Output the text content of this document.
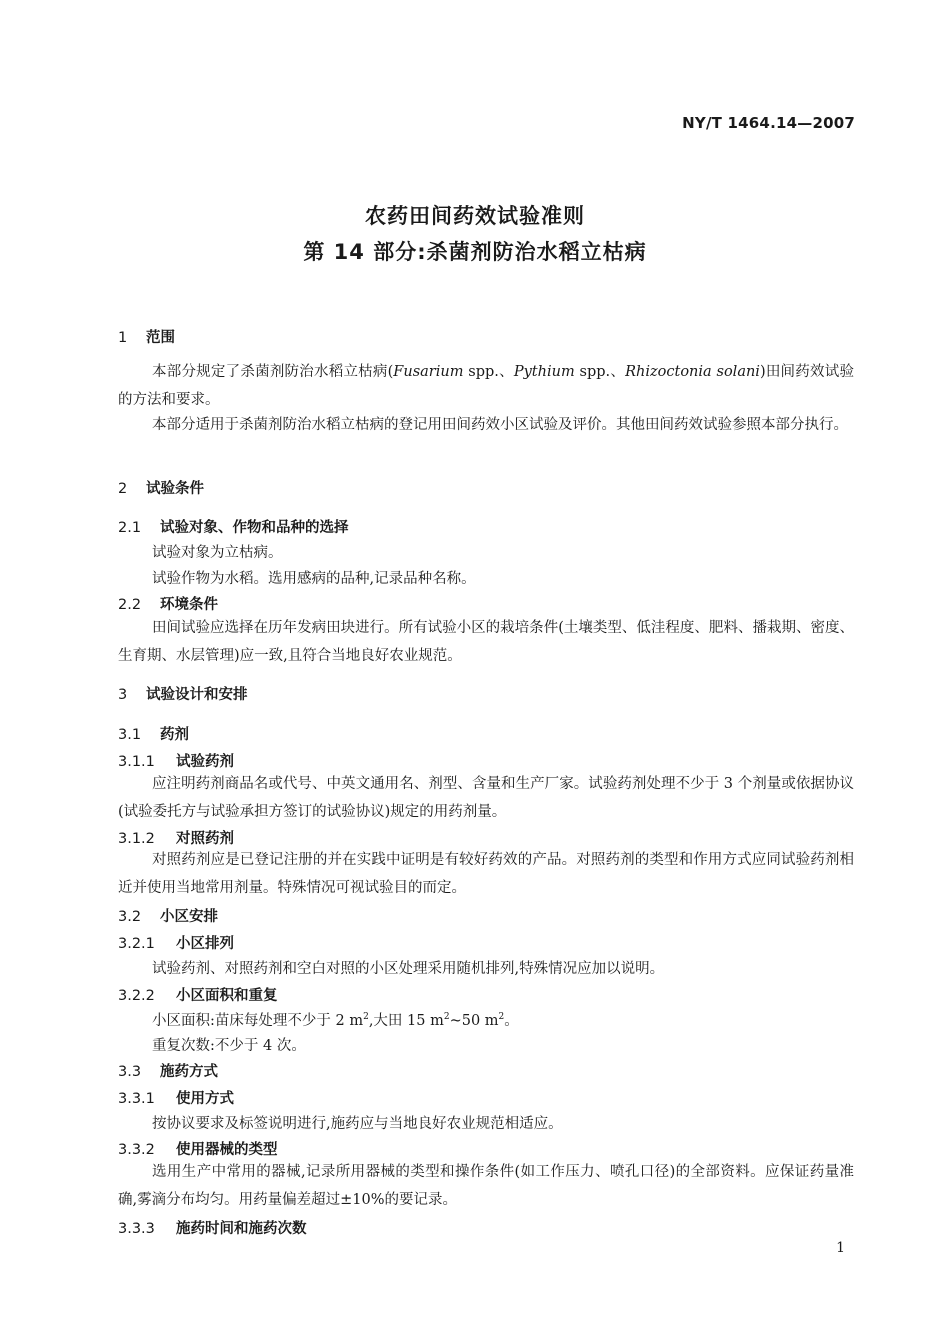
NY/T 1464.14—2007
农药田间药效试验准则
第 14 部分:杀菌剂防治水稻立枯病
1 范围
本部分规定了杀菌剂防治水稻立枯病(Fusarium spp.、Pythium spp.、Rhizoctonia solani)田间药效试验的方法和要求。
本部分适用于杀菌剂防治水稻立枯病的登记用田间药效小区试验及评价。其他田间药效试验参照本部分执行。
2 试验条件
2.1 试验对象、作物和品种的选择
试验对象为立枯病。
试验作物为水稻。选用感病的品种,记录品种名称。
2.2 环境条件
田间试验应选择在历年发病田块进行。所有试验小区的栽培条件(土壤类型、低洼程度、肥料、播栽期、密度、生育期、水层管理)应一致,且符合当地良好农业规范。
3 试验设计和安排
3.1 药剂
3.1.1 试验药剂
应注明药剂商品名或代号、中英文通用名、剂型、含量和生产厂家。试验药剂处理不少于 3 个剂量或依据协议(试验委托方与试验承担方签订的试验协议)规定的用药剂量。
3.1.2 对照药剂
对照药剂应是已登记注册的并在实践中证明是有较好药效的产品。对照药剂的类型和作用方式应同试验药剂相近并使用当地常用剂量。特殊情况可视试验目的而定。
3.2 小区安排
3.2.1 小区排列
试验药剂、对照药剂和空白对照的小区处理采用随机排列,特殊情况应加以说明。
3.2.2 小区面积和重复
小区面积:苗床每处理不少于 2 $m^2$,大田 15 $m^2\sim 50$ $m^2$。
重复次数:不少于 4 次。
3.3 施药方式
3.3.1 使用方式
按协议要求及标签说明进行,施药应与当地良好农业规范相适应。
3.3.2 使用器械的类型
选用生产中常用的器械,记录所用器械的类型和操作条件(如工作压力、喷孔口径)的全部资料。应保证药量准确,雾滴分布均匀。用药量偏差超过±10%的要记录。
3.3.3 施药时间和施药次数
1
